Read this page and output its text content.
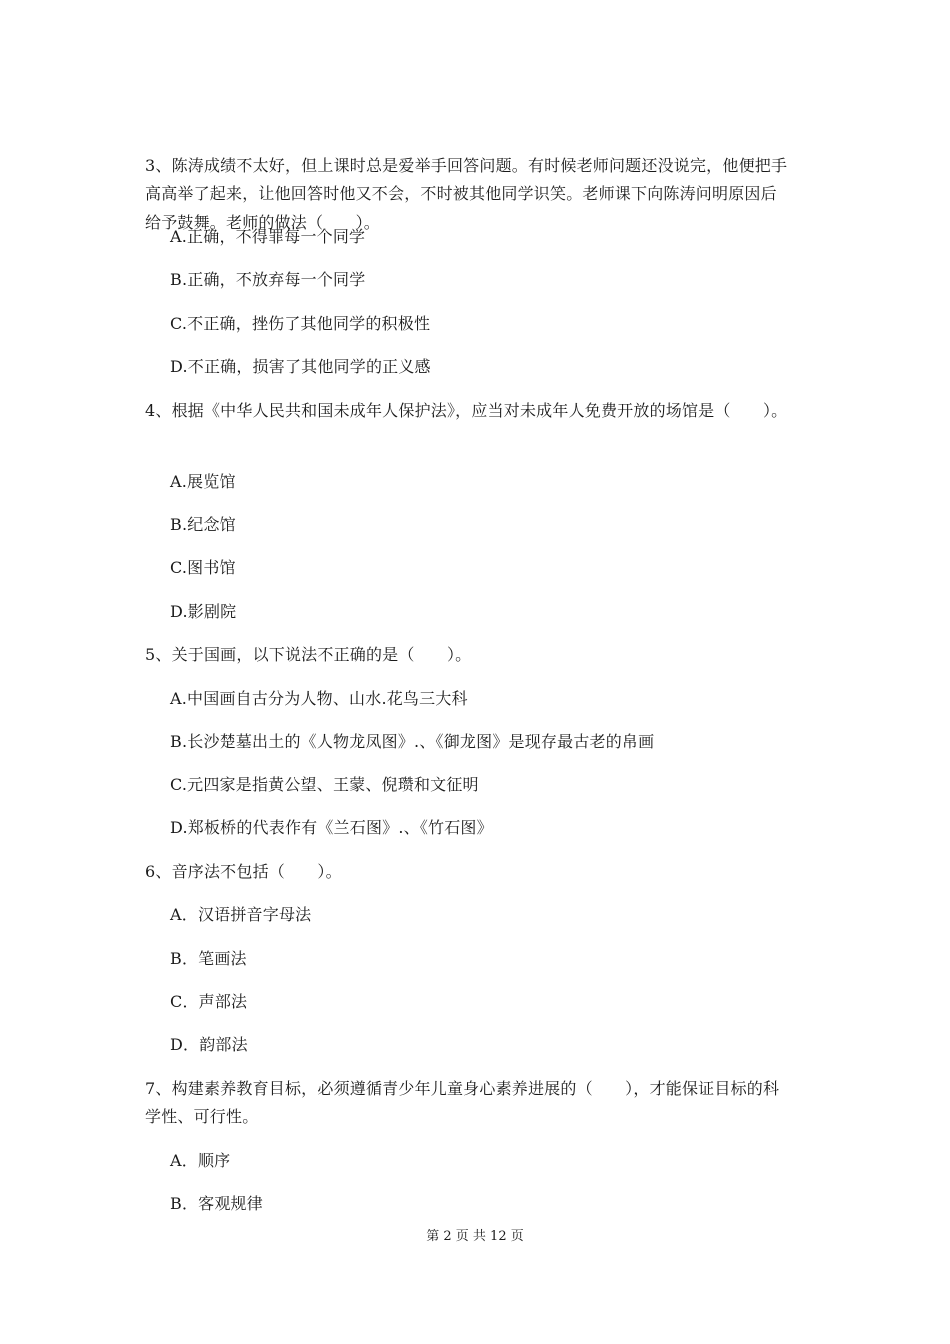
3、陈涛成绩不太好，但上课时总是爱举手回答问题。有时候老师问题还没说完，他便把手
高高举了起来，让他回答时他又不会，不时被其他同学识笑。老师课下向陈涛问明原因后
给予鼓舞。老师的做法（　　）。
A.正确，不得罪每一个同学
B.正确，不放弃每一个同学
C.不正确，挫伤了其他同学的积极性
D.不正确，损害了其他同学的正义感
4、根据《中华人民共和国未成年人保护法》，应当对未成年人免费开放的场馆是（　　）。
A.展览馆
B.纪念馆
C.图书馆
D.影剧院
5、关于国画，以下说法不正确的是（　　）。
A.中国画自古分为人物、山水.花鸟三大科
B.长沙楚墓出土的《人物龙凤图》.、《御龙图》是现存最古老的帛画
C.元四家是指黄公望、王蒙、倪瓒和文征明
D.郑板桥的代表作有《兰石图》.、《竹石图》
6、音序法不包括（　　）。
A．汉语拼音字母法
B．笔画法
C．声部法
D．韵部法
7、构建素养教育目标，必须遵循青少年儿童身心素养进展的（　　），才能保证目标的科
学性、可行性。
A．顺序
B．客观规律
第 2 页 共 12 页
